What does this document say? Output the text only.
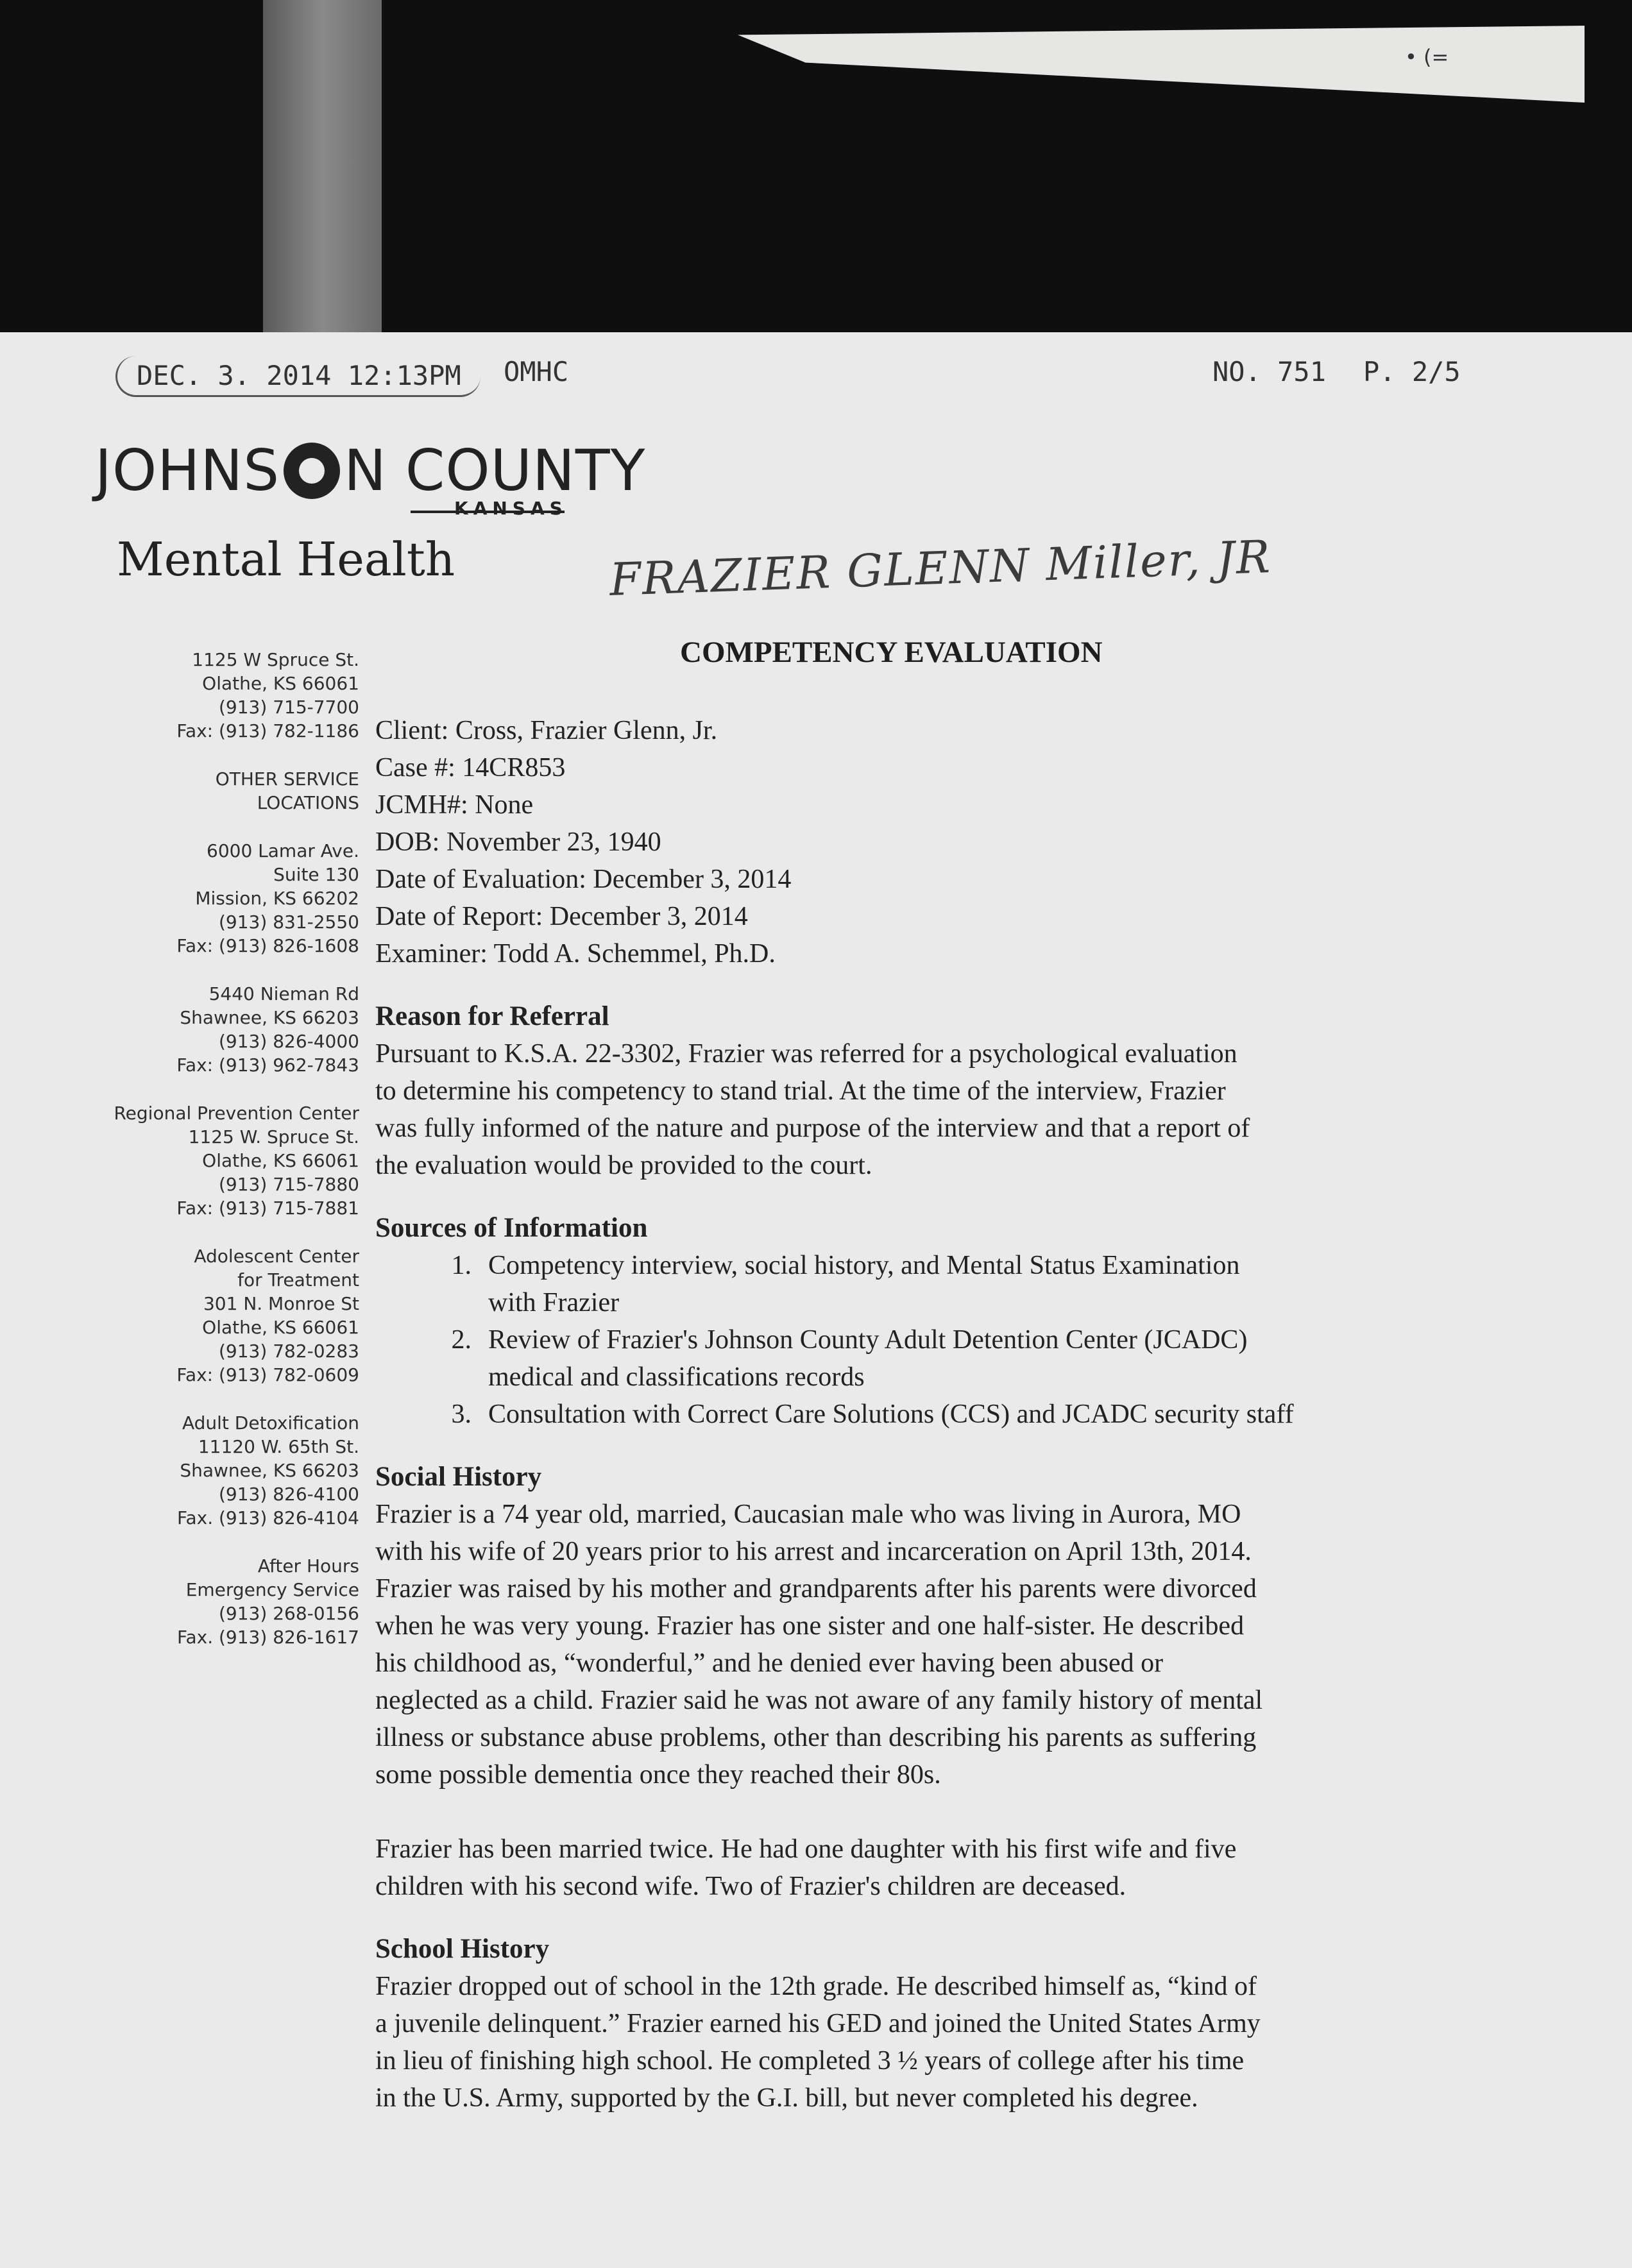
• (=
DEC. 3. 2014 12:13PM	OMHC	NO. 751 P. 2/5
JOHNS N COUNTY
KANSAS
Mental Health	FRAZIER GLENN Miller, JR
COMPETENCY EVALUATION
1125 W Spruce St.
Olathe, KS 66061
(913) 715-7700
Fax: (913) 782-1186
OTHER SERVICE
LOCATIONS
6000 Lamar Ave.
Suite 130
Mission, KS 66202
(913) 831-2550
Fax: (913) 826-1608
5440 Nieman Rd
Shawnee, KS 66203
(913) 826-4000
Fax: (913) 962-7843
Regional Prevention Center
1125 W. Spruce St.
Olathe, KS 66061
(913) 715-7880
Fax: (913) 715-7881
Adolescent Center
for Treatment
301 N. Monroe St
Olathe, KS 66061
(913) 782-0283
Fax: (913) 782-0609
Adult Detoxification
11120 W. 65th St.
Shawnee, KS 66203
(913) 826-4100
Fax. (913) 826-4104
After Hours
Emergency Service
(913) 268-0156
Fax. (913) 826-1617
Client: Cross, Frazier Glenn, Jr.
Case #: 14CR853
JCMH#: None
DOB: November 23, 1940
Date of Evaluation: December 3, 2014
Date of Report: December 3, 2014
Examiner: Todd A. Schemmel, Ph.D.
Reason for Referral
Pursuant to K.S.A. 22-3302, Frazier was referred for a psychological evaluation
to determine his competency to stand trial. At the time of the interview, Frazier
was fully informed of the nature and purpose of the interview and that a report of
the evaluation would be provided to the court.
Sources of Information
1. Competency interview, social history, and Mental Status Examination
with Frazier
2. Review of Frazier's Johnson County Adult Detention Center (JCADC)
medical and classifications records
3. Consultation with Correct Care Solutions (CCS) and JCADC security staff
Social History
Frazier is a 74 year old, married, Caucasian male who was living in Aurora, MO
with his wife of 20 years prior to his arrest and incarceration on April 13th, 2014.
Frazier was raised by his mother and grandparents after his parents were divorced
when he was very young. Frazier has one sister and one half-sister. He described
his childhood as, “wonderful,” and he denied ever having been abused or
neglected as a child. Frazier said he was not aware of any family history of mental
illness or substance abuse problems, other than describing his parents as suffering
some possible dementia once they reached their 80s.
Frazier has been married twice. He had one daughter with his first wife and five
children with his second wife. Two of Frazier's children are deceased.
School History
Frazier dropped out of school in the 12th grade. He described himself as, “kind of
a juvenile delinquent.” Frazier earned his GED and joined the United States Army
in lieu of finishing high school. He completed 3 ½ years of college after his time
in the U.S. Army, supported by the G.I. bill, but never completed his degree.
